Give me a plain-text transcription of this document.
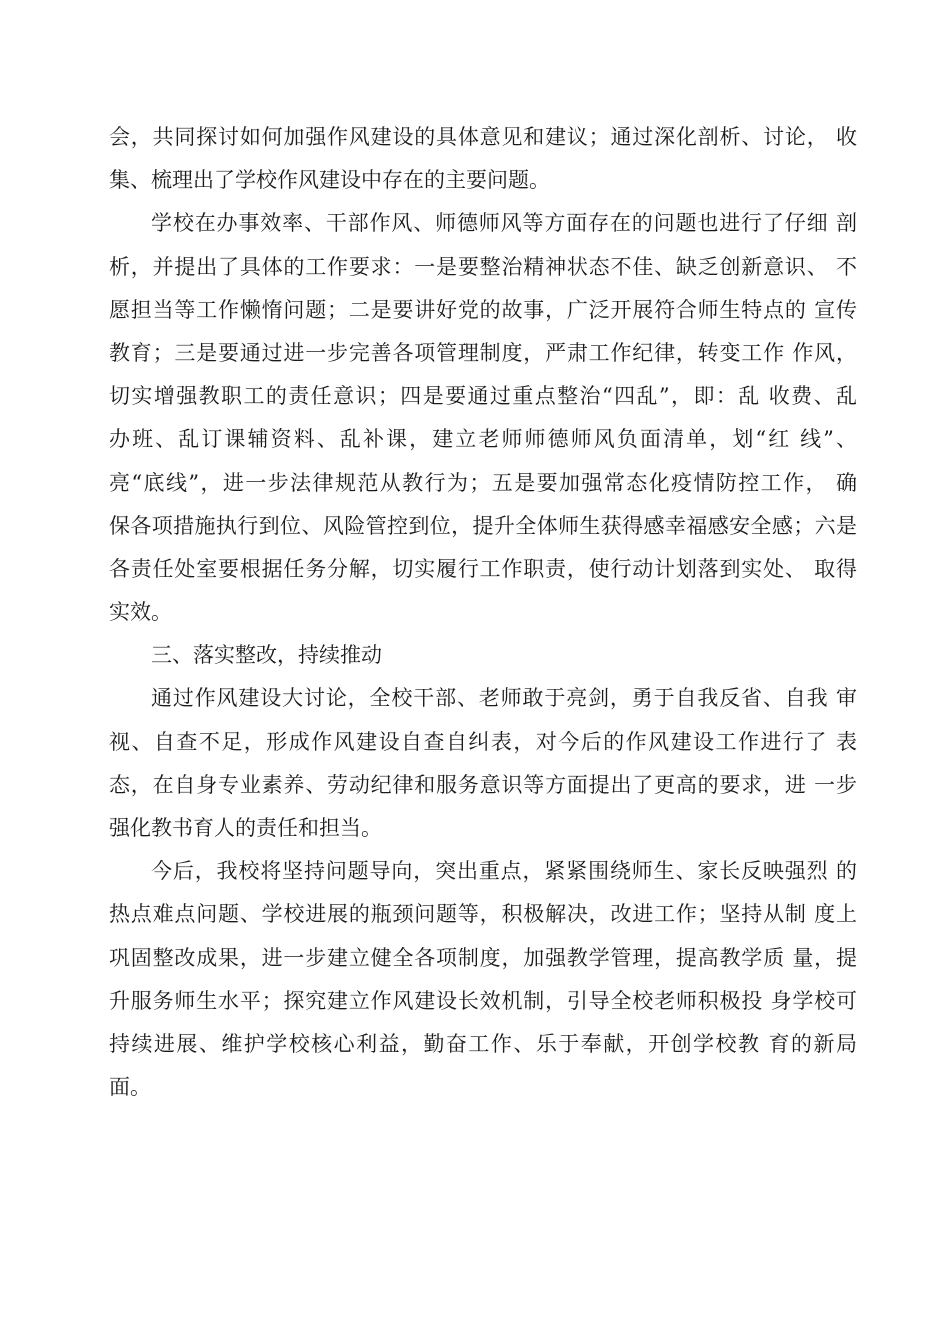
会，共同探讨如何加强作风建设的具体意见和建议；通过深化剖析、讨论， 收
集、梳理出了学校作风建设中存在的主要问题。

学校在办事效率、干部作风、师德师风等方面存在的问题也进行了仔细 剖
析，并提出了具体的工作要求：一是要整治精神状态不佳、缺乏创新意识、 不
愿担当等工作懒惰问题；二是要讲好党的故事，广泛开展符合师生特点的 宣传
教育；三是要通过进一步完善各项管理制度，严肃工作纪律，转变工作 作风，
切实增强教职工的责任意识；四是要通过重点整治“四乱”，即：乱 收费、乱
办班、乱订课辅资料、乱补课，建立老师师德师风负面清单，划“红 线”、
亮“底线”，进一步法律规范从教行为；五是要加强常态化疫情防控工作， 确
保各项措施执行到位、风险管控到位，提升全体师生获得感幸福感安全感；六是
各责任处室要根据任务分解，切实履行工作职责，使行动计划落到实处、 取得
实效。

三、落实整改，持续推动

通过作风建设大讨论，全校干部、老师敢于亮剑，勇于自我反省、自我 审
视、自查不足，形成作风建设自查自纠表，对今后的作风建设工作进行了 表
态，在自身专业素养、劳动纪律和服务意识等方面提出了更高的要求，进 一步
强化教书育人的责任和担当。

今后，我校将坚持问题导向，突出重点，紧紧围绕师生、家长反映强烈 的
热点难点问题、学校进展的瓶颈问题等，积极解决，改进工作；坚持从制 度上
巩固整改成果，进一步建立健全各项制度，加强教学管理，提高教学质 量，提
升服务师生水平；探究建立作风建设长效机制，引导全校老师积极投 身学校可
持续进展、维护学校核心利益，勤奋工作、乐于奉献，开创学校教 育的新局
面。
